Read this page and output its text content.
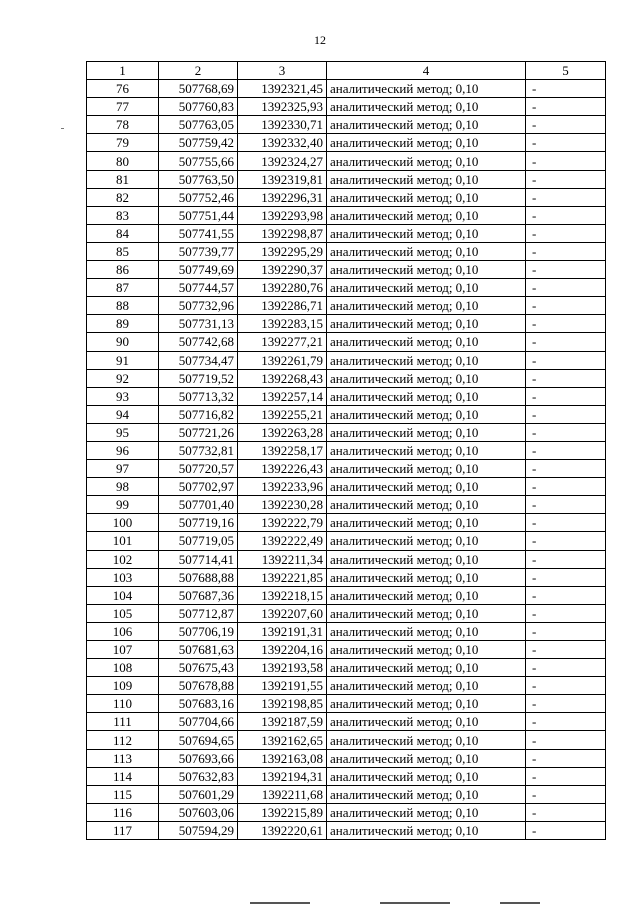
12
1	2	3	4	5
76	507768,69	1392321,45	аналитический метод; 0,10	-
77	507760,83	1392325,93	аналитический метод; 0,10	-
78	507763,05	1392330,71	аналитический метод; 0,10	-
79	507759,42	1392332,40	аналитический метод; 0,10	-
80	507755,66	1392324,27	аналитический метод; 0,10	-
81	507763,50	1392319,81	аналитический метод; 0,10	-
82	507752,46	1392296,31	аналитический метод; 0,10	-
83	507751,44	1392293,98	аналитический метод; 0,10	-
84	507741,55	1392298,87	аналитический метод; 0,10	-
85	507739,77	1392295,29	аналитический метод; 0,10	-
86	507749,69	1392290,37	аналитический метод; 0,10	-
87	507744,57	1392280,76	аналитический метод; 0,10	-
88	507732,96	1392286,71	аналитический метод; 0,10	-
89	507731,13	1392283,15	аналитический метод; 0,10	-
90	507742,68	1392277,21	аналитический метод; 0,10	-
91	507734,47	1392261,79	аналитический метод; 0,10	-
92	507719,52	1392268,43	аналитический метод; 0,10	-
93	507713,32	1392257,14	аналитический метод; 0,10	-
94	507716,82	1392255,21	аналитический метод; 0,10	-
95	507721,26	1392263,28	аналитический метод; 0,10	-
96	507732,81	1392258,17	аналитический метод; 0,10	-
97	507720,57	1392226,43	аналитический метод; 0,10	-
98	507702,97	1392233,96	аналитический метод; 0,10	-
99	507701,40	1392230,28	аналитический метод; 0,10	-
100	507719,16	1392222,79	аналитический метод; 0,10	-
101	507719,05	1392222,49	аналитический метод; 0,10	-
102	507714,41	1392211,34	аналитический метод; 0,10	-
103	507688,88	1392221,85	аналитический метод; 0,10	-
104	507687,36	1392218,15	аналитический метод; 0,10	-
105	507712,87	1392207,60	аналитический метод; 0,10	-
106	507706,19	1392191,31	аналитический метод; 0,10	-
107	507681,63	1392204,16	аналитический метод; 0,10	-
108	507675,43	1392193,58	аналитический метод; 0,10	-
109	507678,88	1392191,55	аналитический метод; 0,10	-
110	507683,16	1392198,85	аналитический метод; 0,10	-
111	507704,66	1392187,59	аналитический метод; 0,10	-
112	507694,65	1392162,65	аналитический метод; 0,10	-
113	507693,66	1392163,08	аналитический метод; 0,10	-
114	507632,83	1392194,31	аналитический метод; 0,10	-
115	507601,29	1392211,68	аналитический метод; 0,10	-
116	507603,06	1392215,89	аналитический метод; 0,10	-
117	507594,29	1392220,61	аналитический метод; 0,10	-
